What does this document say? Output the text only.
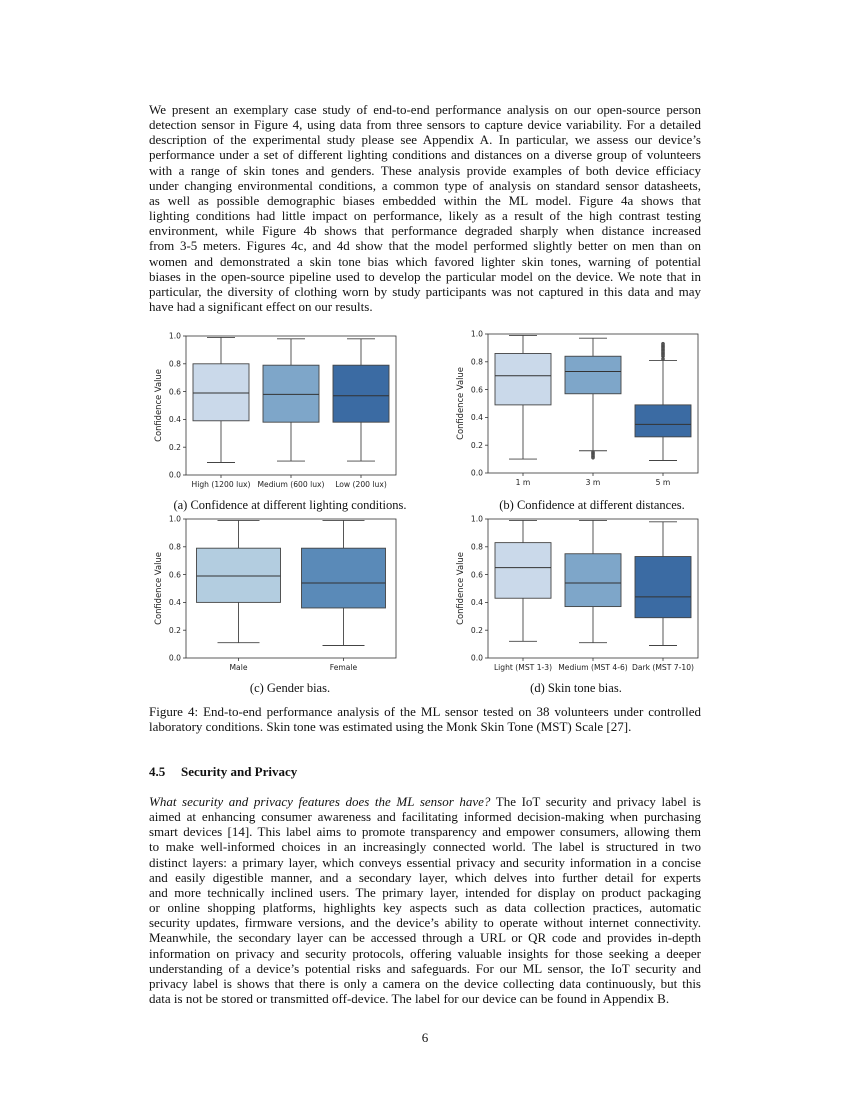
We present an exemplary case study of end-to-end performance analysis on our open-source person
detection sensor in Figure 4, using data from three sensors to capture device variability. For a detailed
description of the experimental study please see Appendix A. In particular, we assess our device’s
performance under a set of different lighting conditions and distances on a diverse group of volunteers
with a range of skin tones and genders. These analysis provide examples of both device efficiacy
under changing environmental conditions, a common type of analysis on standard sensor datasheets,
as well as possible demographic biases embedded within the ML model. Figure 4a shows that
lighting conditions had little impact on performance, likely as a result of the high contrast testing
environment, while Figure 4b shows that performance degraded sharply when distance increased
from 3-5 meters. Figures 4c, and 4d show that the model performed slightly better on men than on
women and demonstrated a skin tone bias which favored lighter skin tones, warning of potential
biases in the open-source pipeline used to develop the particular model on the device. We note that in
particular, the diversity of clothing worn by study participants was not captured in this data and may
have had a significant effect on our results.

0.0
0.2
0.4
0.6
0.8
1.0
Confidence Value
High (1200 lux) Medium (600 lux) Low (200 lux)
(a) Confidence at different lighting conditions.
0.0
0.2
0.4
0.6
0.8
1.0
Confidence Value
1 m	3 m	5 m
(b) Confidence at different distances.
0.0
0.2
0.4
0.6
0.8
1.0
Confidence Value
Male	Female
(c) Gender bias.
0.0
0.2
0.4
0.6
0.8
1.0
Confidence Value
Light (MST 1-3) Medium (MST 4-6) Dark (MST 7-10)
(d) Skin tone bias.

Figure 4: End-to-end performance analysis of the ML sensor tested on 38 volunteers under controlled
laboratory conditions. Skin tone was estimated using the Monk Skin Tone (MST) Scale [27].

4.5 Security and Privacy

What security and privacy features does the ML sensor have? The IoT security and privacy label is
aimed at enhancing consumer awareness and facilitating informed decision-making when purchasing
smart devices [14]. This label aims to promote transparency and empower consumers, allowing them
to make well-informed choices in an increasingly connected world. The label is structured in two
distinct layers: a primary layer, which conveys essential privacy and security information in a concise
and easily digestible manner, and a secondary layer, which delves into further detail for experts
and more technically inclined users. The primary layer, intended for display on product packaging
or online shopping platforms, highlights key aspects such as data collection practices, automatic
security updates, firmware versions, and the device’s ability to operate without internet connectivity.
Meanwhile, the secondary layer can be accessed through a URL or QR code and provides in-depth
information on privacy and security protocols, offering valuable insights for those seeking a deeper
understanding of a device’s potential risks and safeguards. For our ML sensor, the IoT security and
privacy label is shows that there is only a camera on the device collecting data continuously, but this
data is not be stored or transmitted off-device. The label for our device can be found in Appendix B.

6
